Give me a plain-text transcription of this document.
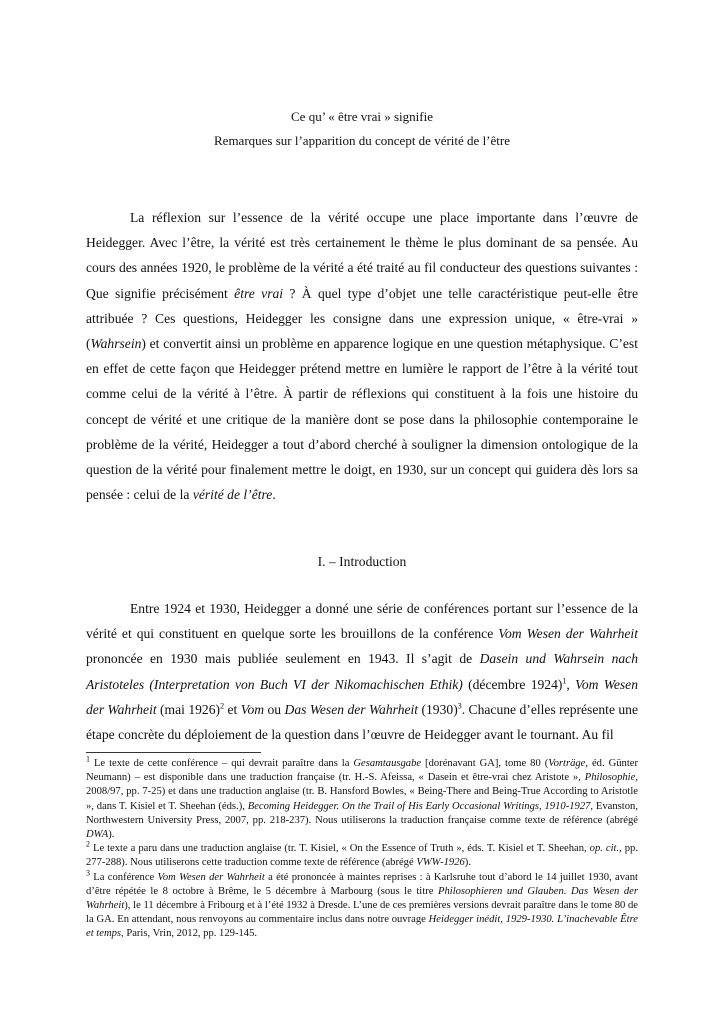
Ce qu’ « être vrai » signifie
Remarques sur l’apparition du concept de vérité de l’être

La réflexion sur l’essence de la vérité occupe une place importante dans l’œuvre de Heidegger. Avec l’être, la vérité est très certainement le thème le plus dominant de sa pensée. Au cours des années 1920, le problème de la vérité a été traité au fil conducteur des questions suivantes : Que signifie précisément être vrai ? À quel type d’objet une telle caractéristique peut-elle être attribuée ? Ces questions, Heidegger les consigne dans une expression unique, « être-vrai » (Wahrsein) et convertit ainsi un problème en apparence logique en une question métaphysique. C’est en effet de cette façon que Heidegger prétend mettre en lumière le rapport de l’être à la vérité tout comme celui de la vérité à l’être. À partir de réflexions qui constituent à la fois une histoire du concept de vérité et une critique de la manière dont se pose dans la philosophie contemporaine le problème de la vérité, Heidegger a tout d’abord cherché à souligner la dimension ontologique de la question de la vérité pour finalement mettre le doigt, en 1930, sur un concept qui guidera dès lors sa pensée : celui de la vérité de l’être.

I. – Introduction

Entre 1924 et 1930, Heidegger a donné une série de conférences portant sur l’essence de la vérité et qui constituent en quelque sorte les brouillons de la conférence Vom Wesen der Wahrheit prononcée en 1930 mais publiée seulement en 1943. Il s’agit de Dasein und Wahrsein nach Aristoteles (Interpretation von Buch VI der Nikomachischen Ethik) (décembre 1924)$^1$, Vom Wesen der Wahrheit (mai 1926)$^2$ et Vom ou Das Wesen der Wahrheit $(1930)^3$. Chacune d’elles représente une étape concrète du déploiement de la question dans l’œuvre de Heidegger avant le tournant. Au fil

$^1$ Le texte de cette conférence – qui devrait paraître dans la Gesamtausgabe [dorénavant GA], tome 80 (Vorträge, éd. Günter Neumann) – est disponible dans une traduction française (tr. H.-S. Afeissa, « Dasein et être-vrai chez Aristote », Philosophie, 2008/97, pp. 7-25) et dans une traduction anglaise (tr. B. Hansford Bowles, « Being-There and Being-True According to Aristotle », dans T. Kisiel et T. Sheehan (éds.), Becoming Heidegger. On the Trail of His Early Occasional Writings, 1910-1927, Evanston, Northwestern University Press, 2007, pp. 218-237). Nous utiliserons la traduction française comme texte de référence (abrégé DWA).

$^2$ Le texte a paru dans une traduction anglaise (tr. T. Kisiel, « On the Essence of Truth », éds. T. Kisiel et T. Sheehan, op. cit., pp. 277-288). Nous utiliserons cette traduction comme texte de référence (abrégé VWW-1926).

$^3$ La conférence Vom Wesen der Wahrheit a été prononcée à maintes reprises : à Karlsruhe tout d’abord le 14 juillet 1930, avant d’être répétée le 8 octobre à Brême, le 5 décembre à Marbourg (sous le titre Philosophieren und Glauben. Das Wesen der Wahrheit), le 11 décembre à Fribourg et à l’été 1932 à Dresde. L’une de ces premières versions devrait paraître dans le tome 80 de la GA. En attendant, nous renvoyons au commentaire inclus dans notre ouvrage Heidegger inédit, 1929-1930. L’inachevable Être et temps, Paris, Vrin, 2012, pp. 129-145.
